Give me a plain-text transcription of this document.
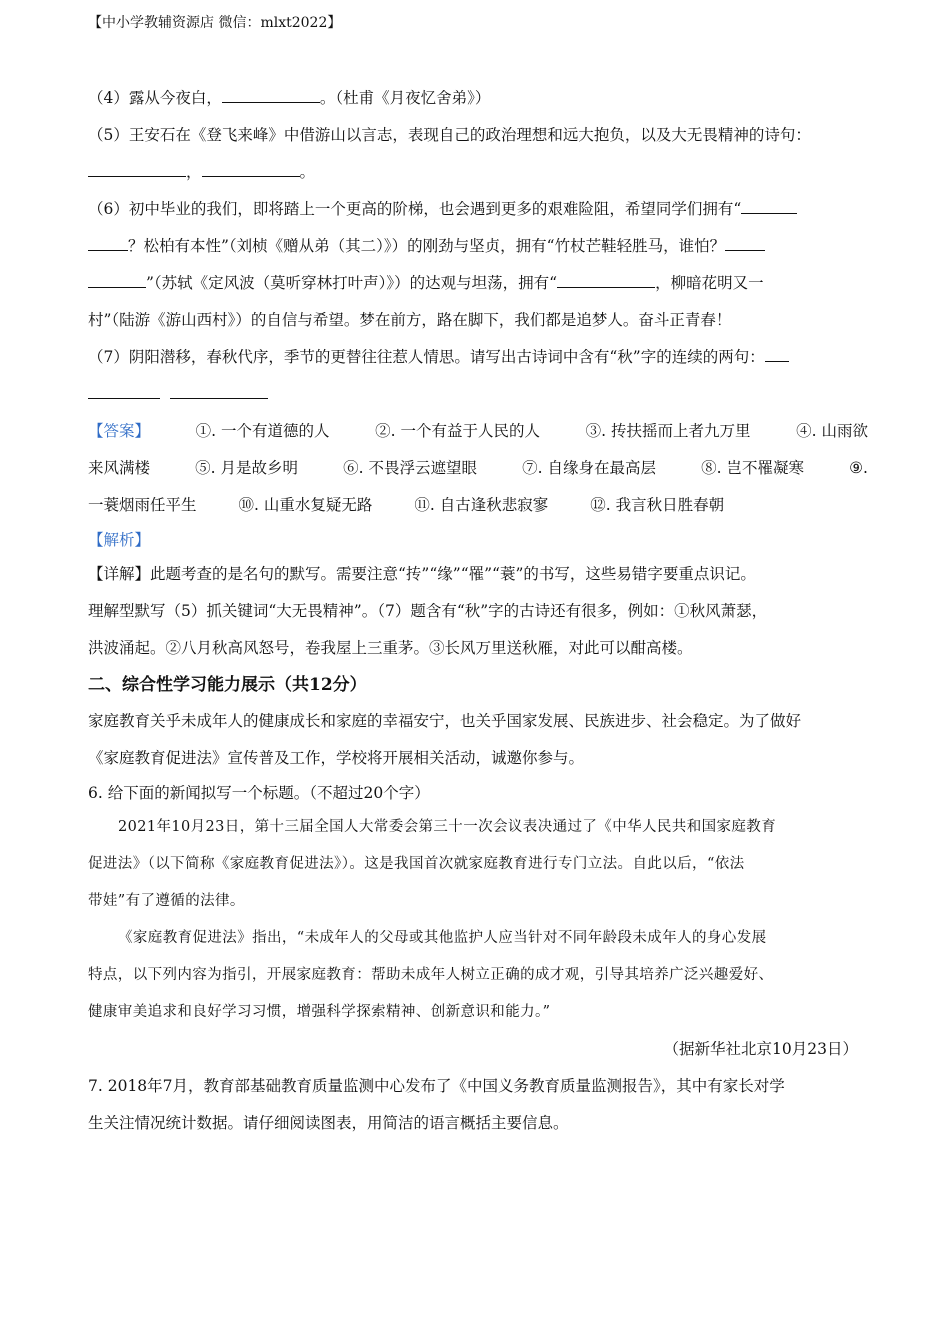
【中小学教辅资源店 微信：mlxt2022】
（4）露从今夜白，	。（杜甫《月夜忆舍弟》）
（5）王安石在《登飞来峰》中借游山以言志，表现自己的政治理想和远大抱负，以及大无畏精神的诗句：
，	。
（6）初中毕业的我们，即将踏上一个更高的阶梯，也会遇到更多的艰难险阻，希望同学们拥有“
？松柏有本性”（刘桢《赠从弟（其二）》）的刚劲与坚贞，拥有“竹杖芒鞋轻胜马，谁怕？
”（苏轼《定风波（莫听穿林打叶声）》）的达观与坦荡，拥有“	，柳暗花明又一
村”（陆游《游山西村》）的自信与希望。梦在前方，路在脚下，我们都是追梦人。奋斗正青春！
（7）阴阳潜移，春秋代序，季节的更替往往惹人情思。请写出古诗词中含有“秋”字的连续的两句：
【答案】	①. 一个有道德的人	②. 一个有益于人民的人	③. 抟扶摇而上者九万里	④. 山雨欲
来风满楼	⑤. 月是故乡明	⑥. 不畏浮云遮望眼	⑦. 自缘身在最高层	⑧. 岂不罹凝寒	⑨.
一蓑烟雨任平生	⑩. 山重水复疑无路	⑪. 自古逢秋悲寂寥	⑫. 我言秋日胜春朝
【解析】
【详解】此题考查的是名句的默写。需要注意“抟”“缘”“罹”“蓑”的书写，这些易错字要重点识记。
理解型默写（5）抓关键词“大无畏精神”。（7）题含有“秋”字的古诗还有很多，例如：①秋风萧瑟，
洪波涌起。②八月秋高风怒号，卷我屋上三重茅。③长风万里送秋雁，对此可以酣高楼。
二、综合性学习能力展示（共12分）
家庭教育关乎未成年人的健康成长和家庭的幸福安宁，也关乎国家发展、民族进步、社会稳定。为了做好
《家庭教育促进法》宣传普及工作，学校将开展相关活动，诚邀你参与。
6. 给下面的新闻拟写一个标题。（不超过20个字）
2021年10月23日，第十三届全国人大常委会第三十一次会议表决通过了《中华人民共和国家庭教育
促进法》（以下简称《家庭教育促进法》）。这是我国首次就家庭教育进行专门立法。自此以后，“依法
带娃”有了遵循的法律。
《家庭教育促进法》指出，“未成年人的父母或其他监护人应当针对不同年龄段未成年人的身心发展
特点，以下列内容为指引，开展家庭教育：帮助未成年人树立正确的成才观，引导其培养广泛兴趣爱好、
健康审美追求和良好学习习惯，增强科学探索精神、创新意识和能力。”
（据新华社北京10月23日）
7. 2018年7月，教育部基础教育质量监测中心发布了《中国义务教育质量监测报告》，其中有家长对学
生关注情况统计数据。请仔细阅读图表，用简洁的语言概括主要信息。
